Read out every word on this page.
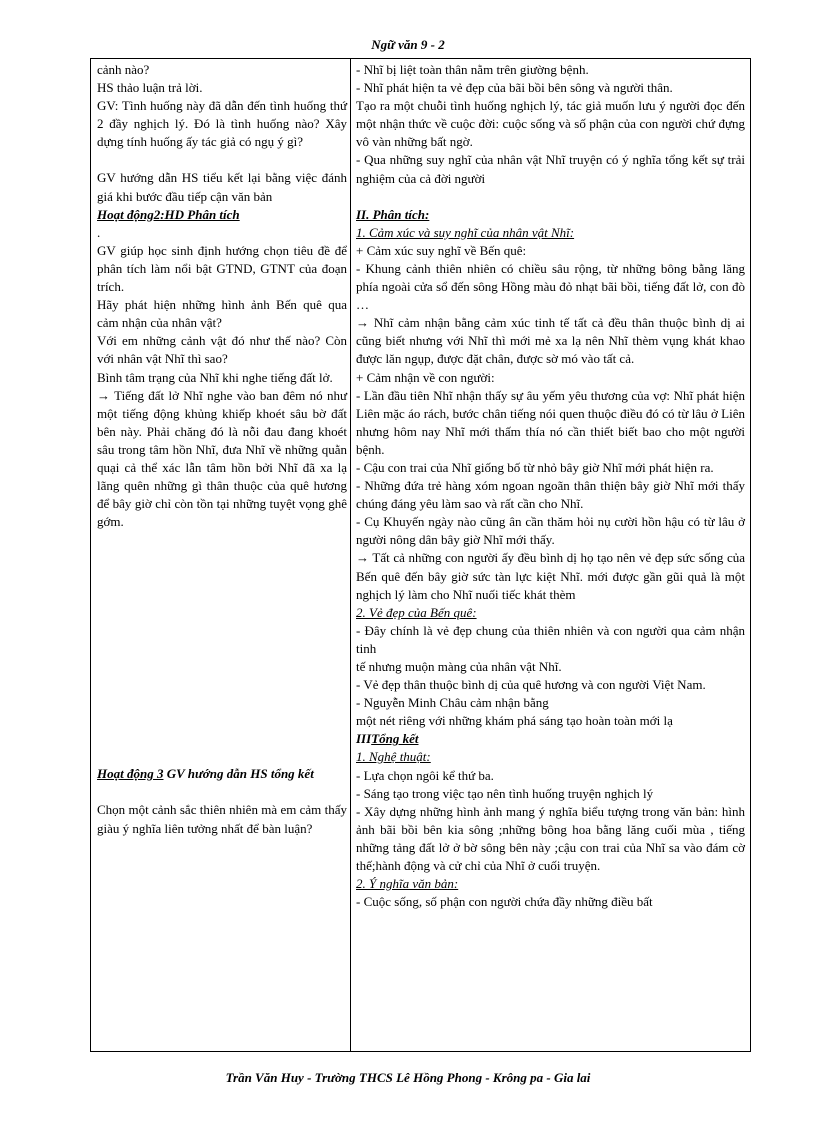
Ngữ văn 9 - 2

cảnh nào?

HS thảo luận trả lời.

GV: Tình huống này đã dẫn đến tình huống thứ 2 đầy nghịch lý. Đó là tình huống nào? Xây dựng tính huống ấy tác giả có ngụ ý gì?

GV hướng dẫn HS tiểu kết lại bằng việc đánh giá khi bước đầu tiếp cận văn bản

Hoạt động2:HD Phân tích

.

GV giúp học sinh định hướng chọn tiêu đề để phân tích làm nổi bật GTND, GTNT của đoạn trích.

Hãy phát hiện những hình ảnh Bến quê qua cảm nhận của nhân vật?

Với em những cảnh vật đó như thế nào? Còn với nhân vật Nhĩ thì sao?

Bình tâm trạng của Nhĩ khi nghe tiếng đất lở.

→ Tiếng đất lở Nhĩ nghe vào ban đêm nó như một tiếng động khủng khiếp khoét sâu bờ đất bên này. Phải chăng đó là nỗi đau đang khoét sâu trong tâm hồn Nhĩ, đưa Nhĩ về những quằn quại cả thể xác lẫn tâm hồn bởi Nhĩ đã xa lạ lãng quên những gì thân thuộc của quê hương để bây giờ chỉ còn tồn tại những tuyệt vọng ghê gớm.

Hoạt động 3 GV hướng dẫn HS tổng kết

Chọn một cảnh sắc thiên nhiên mà em cảm thấy giàu ý nghĩa liên tưởng nhất để bàn luận?

- Nhĩ bị liệt toàn thân nằm trên giường bệnh.

- Nhĩ phát hiện ta vẻ đẹp của bãi bồi bên sông và người thân.

Tạo ra một chuỗi tình huống nghịch lý, tác giả muốn lưu ý người đọc đến một nhận thức về cuộc đời: cuộc sống và số phận của con người chứ đựng vô vàn những bất ngờ.

- Qua những suy nghĩ của nhân vật Nhĩ truyện có ý nghĩa tổng kết sự trải nghiệm của cả đời người

II. Phân tích:

1. Cảm xúc và suy nghĩ của nhân vật Nhĩ:

+ Cảm xúc suy nghĩ về Bến quê:

- Khung cảnh thiên nhiên có chiều sâu rộng, từ những bông bằng lăng phía ngoài cửa sổ đến sông Hồng màu đỏ nhạt bãi bồi, tiếng đất lở, con đò …

→ Nhĩ cảm nhận bằng cảm xúc tinh tế tất cả đều thân thuộc bình dị ai cũng biết nhưng với Nhĩ thì mới mẻ xa lạ nên Nhĩ thèm vụng khát khao được lăn ngụp, được đặt chân, được sờ mó vào tất cả.

+ Cảm nhận về con người:

- Lần đầu tiên Nhĩ nhận thấy sự âu yếm yêu thương của vợ: Nhĩ phát hiện Liên mặc áo rách, bước chân tiếng nói quen thuộc điều đó có từ lâu ở Liên nhưng hôm nay Nhĩ mới thấm thía nó cần thiết biết bao cho một người bệnh.

- Cậu con trai của Nhĩ giống bố từ nhỏ bây giờ Nhĩ mới phát hiện ra.

- Những đứa trẻ hàng xóm ngoan ngoãn thân thiện bây giờ Nhĩ mới thấy chúng đáng yêu làm sao và rất cần cho Nhĩ.

- Cụ Khuyến ngày nào cũng ân cần thăm hỏi nụ cười hồn hậu có từ lâu ở người nông dân bây giờ Nhĩ mới thấy.

→ Tất cả những con người ấy đều bình dị họ tạo nên vẻ đẹp sức sống của Bến quê đến bây giờ sức tàn lực kiệt Nhĩ. mới được gần gũi quả là một nghịch lý làm cho Nhĩ nuối tiếc khát thèm

2. Vẻ đẹp của Bến quê:

- Đây chính là vẻ đẹp chung của thiên nhiên và con người qua cảm nhận tinh

tế nhưng muộn màng của nhân vật Nhĩ.

- Vẻ đẹp thân thuộc bình dị của quê hương và con người Việt Nam.

- Nguyễn Minh Châu cảm nhận bằng

một nét riêng với những khám phá sáng tạo hoàn toàn mới lạ

IIITổng kết

1. Nghệ thuật:

- Lựa chọn ngôi kể thứ ba.

- Sáng tạo trong việc tạo nên tình huống truyện nghịch lý

- Xây dựng những hình ảnh mang ý nghĩa biểu tượng trong văn bản: hình ảnh bãi bồi bên kia sông ;những bông hoa bằng lăng cuối mùa , tiếng những tảng đất lở ở bờ sông bên này ;cậu con trai của Nhĩ sa vào đám cờ thế;hành động và cử chỉ của Nhĩ ở cuối truyện.

2. Ý nghĩa văn bản:

- Cuộc sống, số phận con người chứa đầy những điều bất

Trần Văn Huy - Trường THCS Lê Hồng Phong - Krông pa - Gia lai
